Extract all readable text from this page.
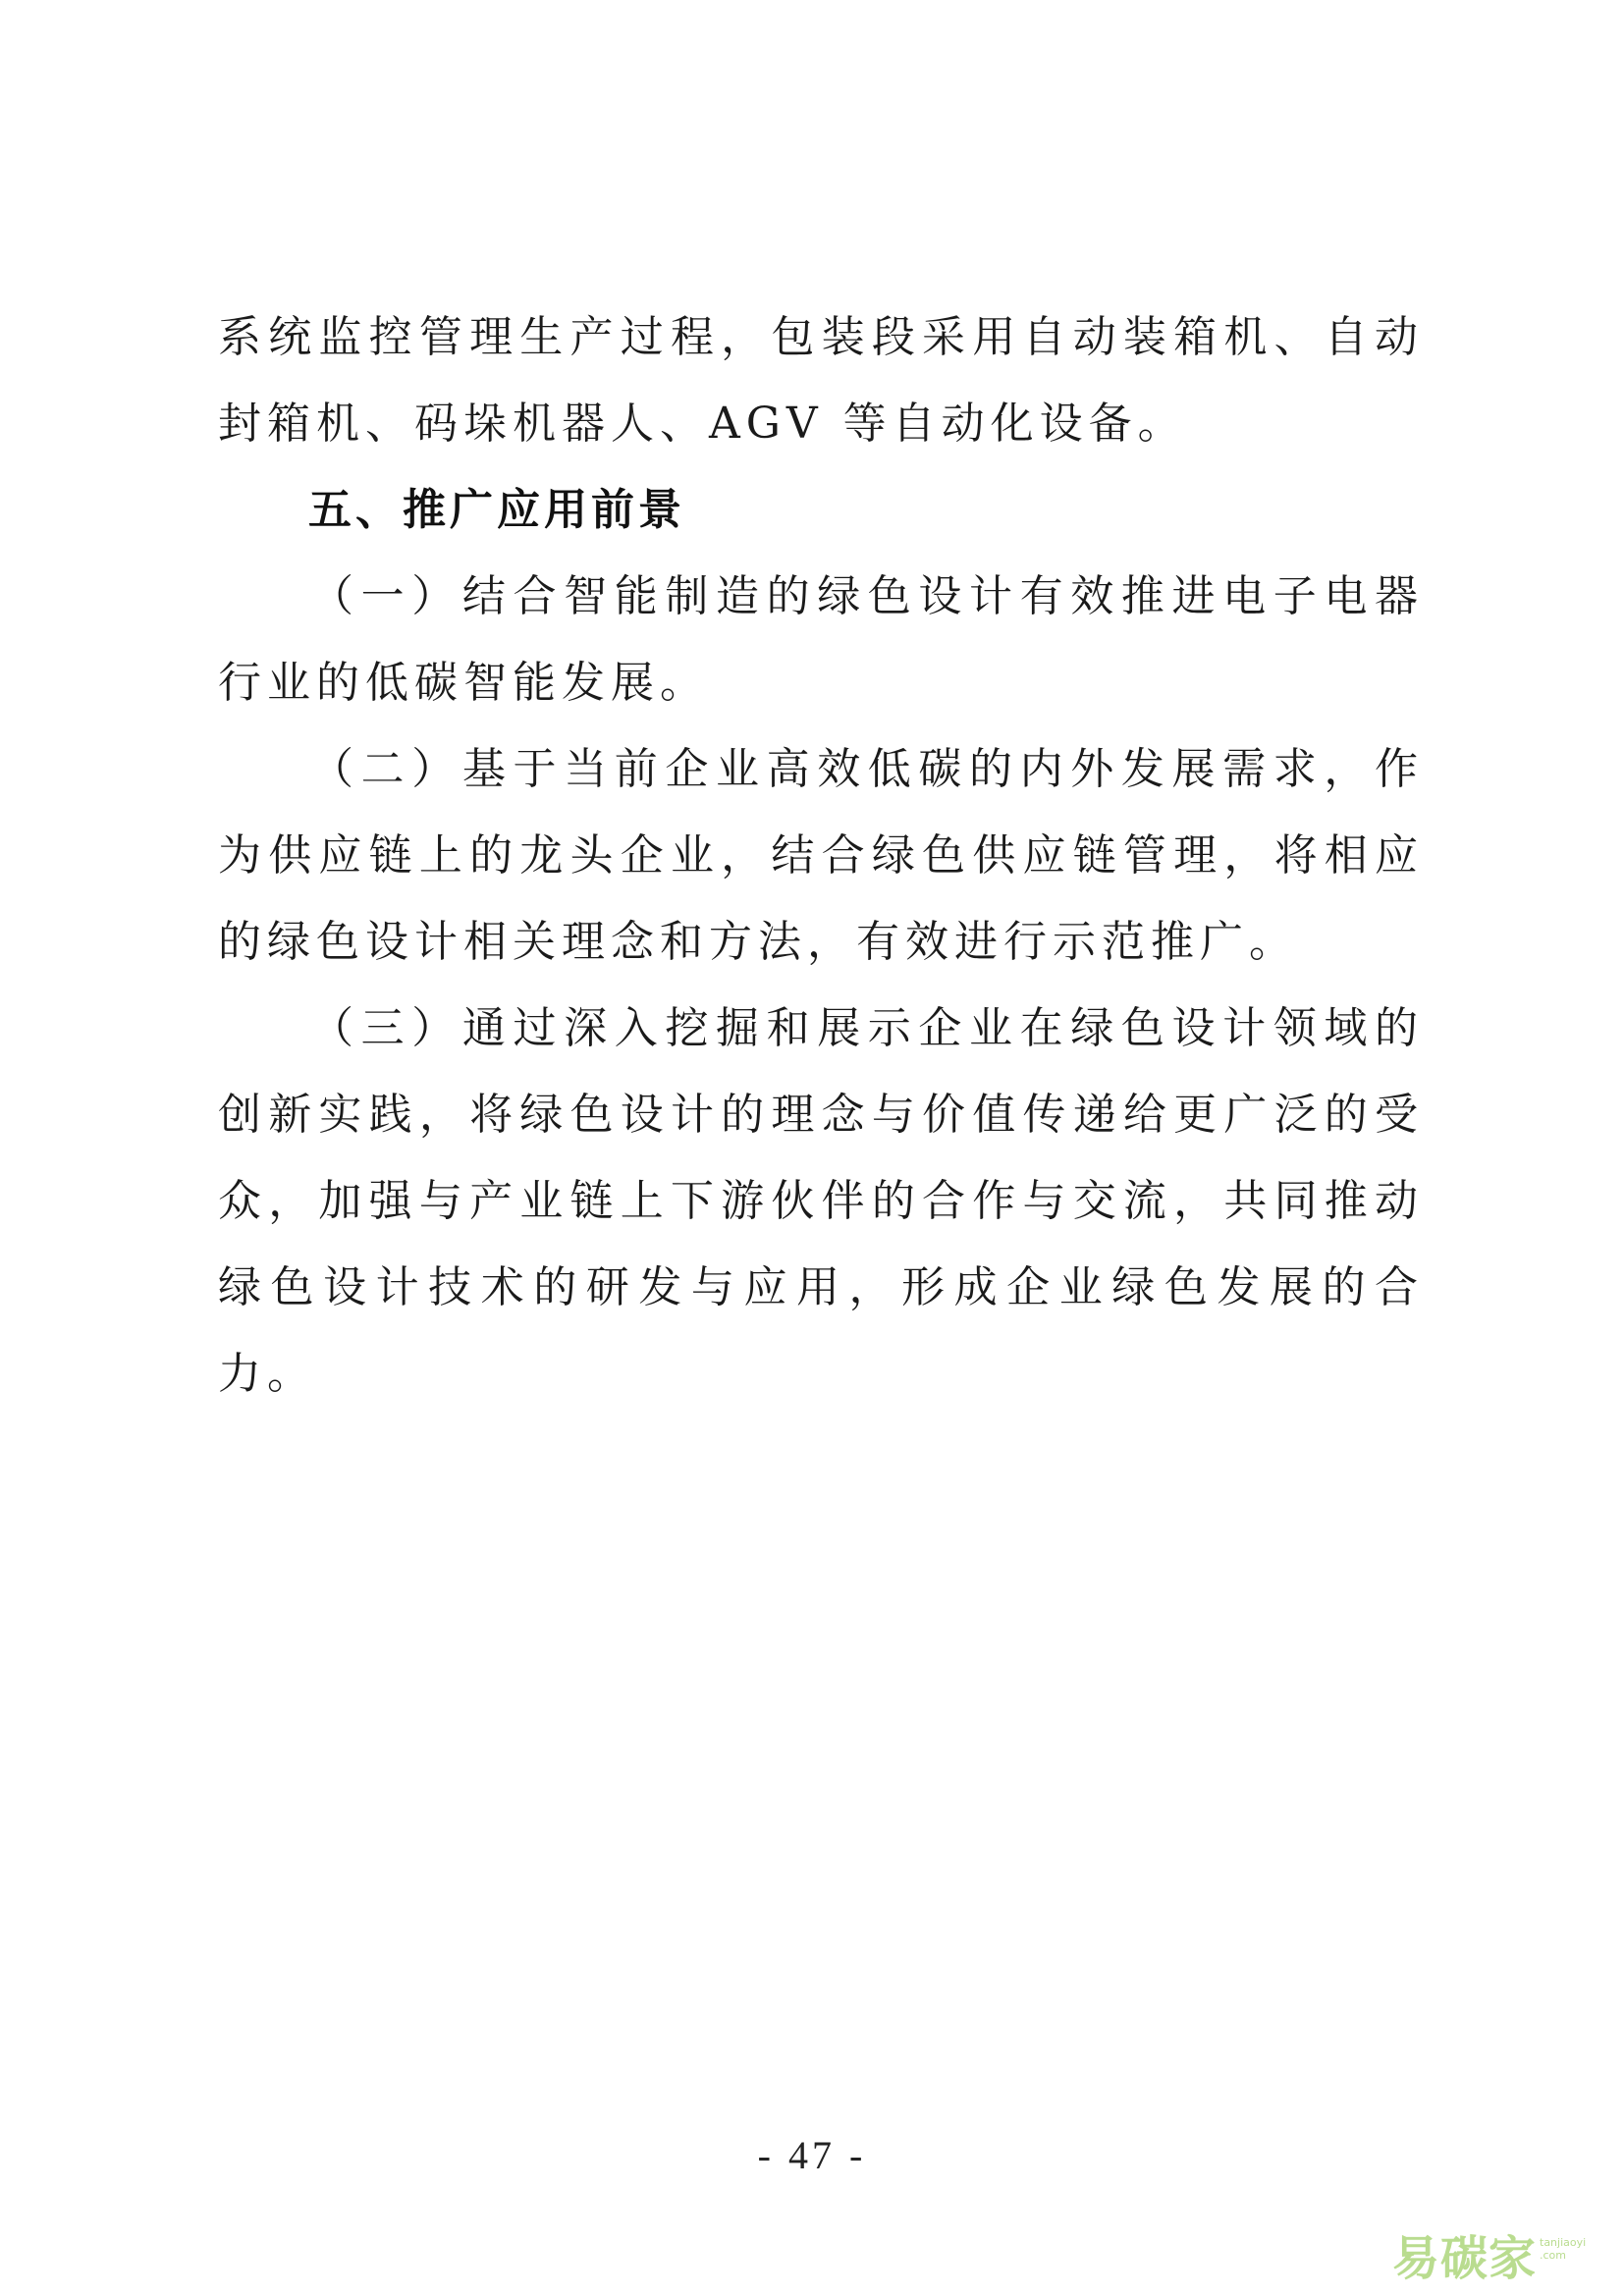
系统监控管理生产过程，包装段采用自动装箱机、自动封箱机、码垛机器人、AGV 等自动化设备。

五、推广应用前景

（一）结合智能制造的绿色设计有效推进电子电器行业的低碳智能发展。

（二）基于当前企业高效低碳的内外发展需求，作为供应链上的龙头企业，结合绿色供应链管理，将相应的绿色设计相关理念和方法，有效进行示范推广。

（三）通过深入挖掘和展示企业在绿色设计领域的创新实践，将绿色设计的理念与价值传递给更广泛的受众，加强与产业链上下游伙伴的合作与交流，共同推动绿色设计技术的研发与应用，形成企业绿色发展的合力。

- 47 -
易碳家 tanjiaoyi
.com
